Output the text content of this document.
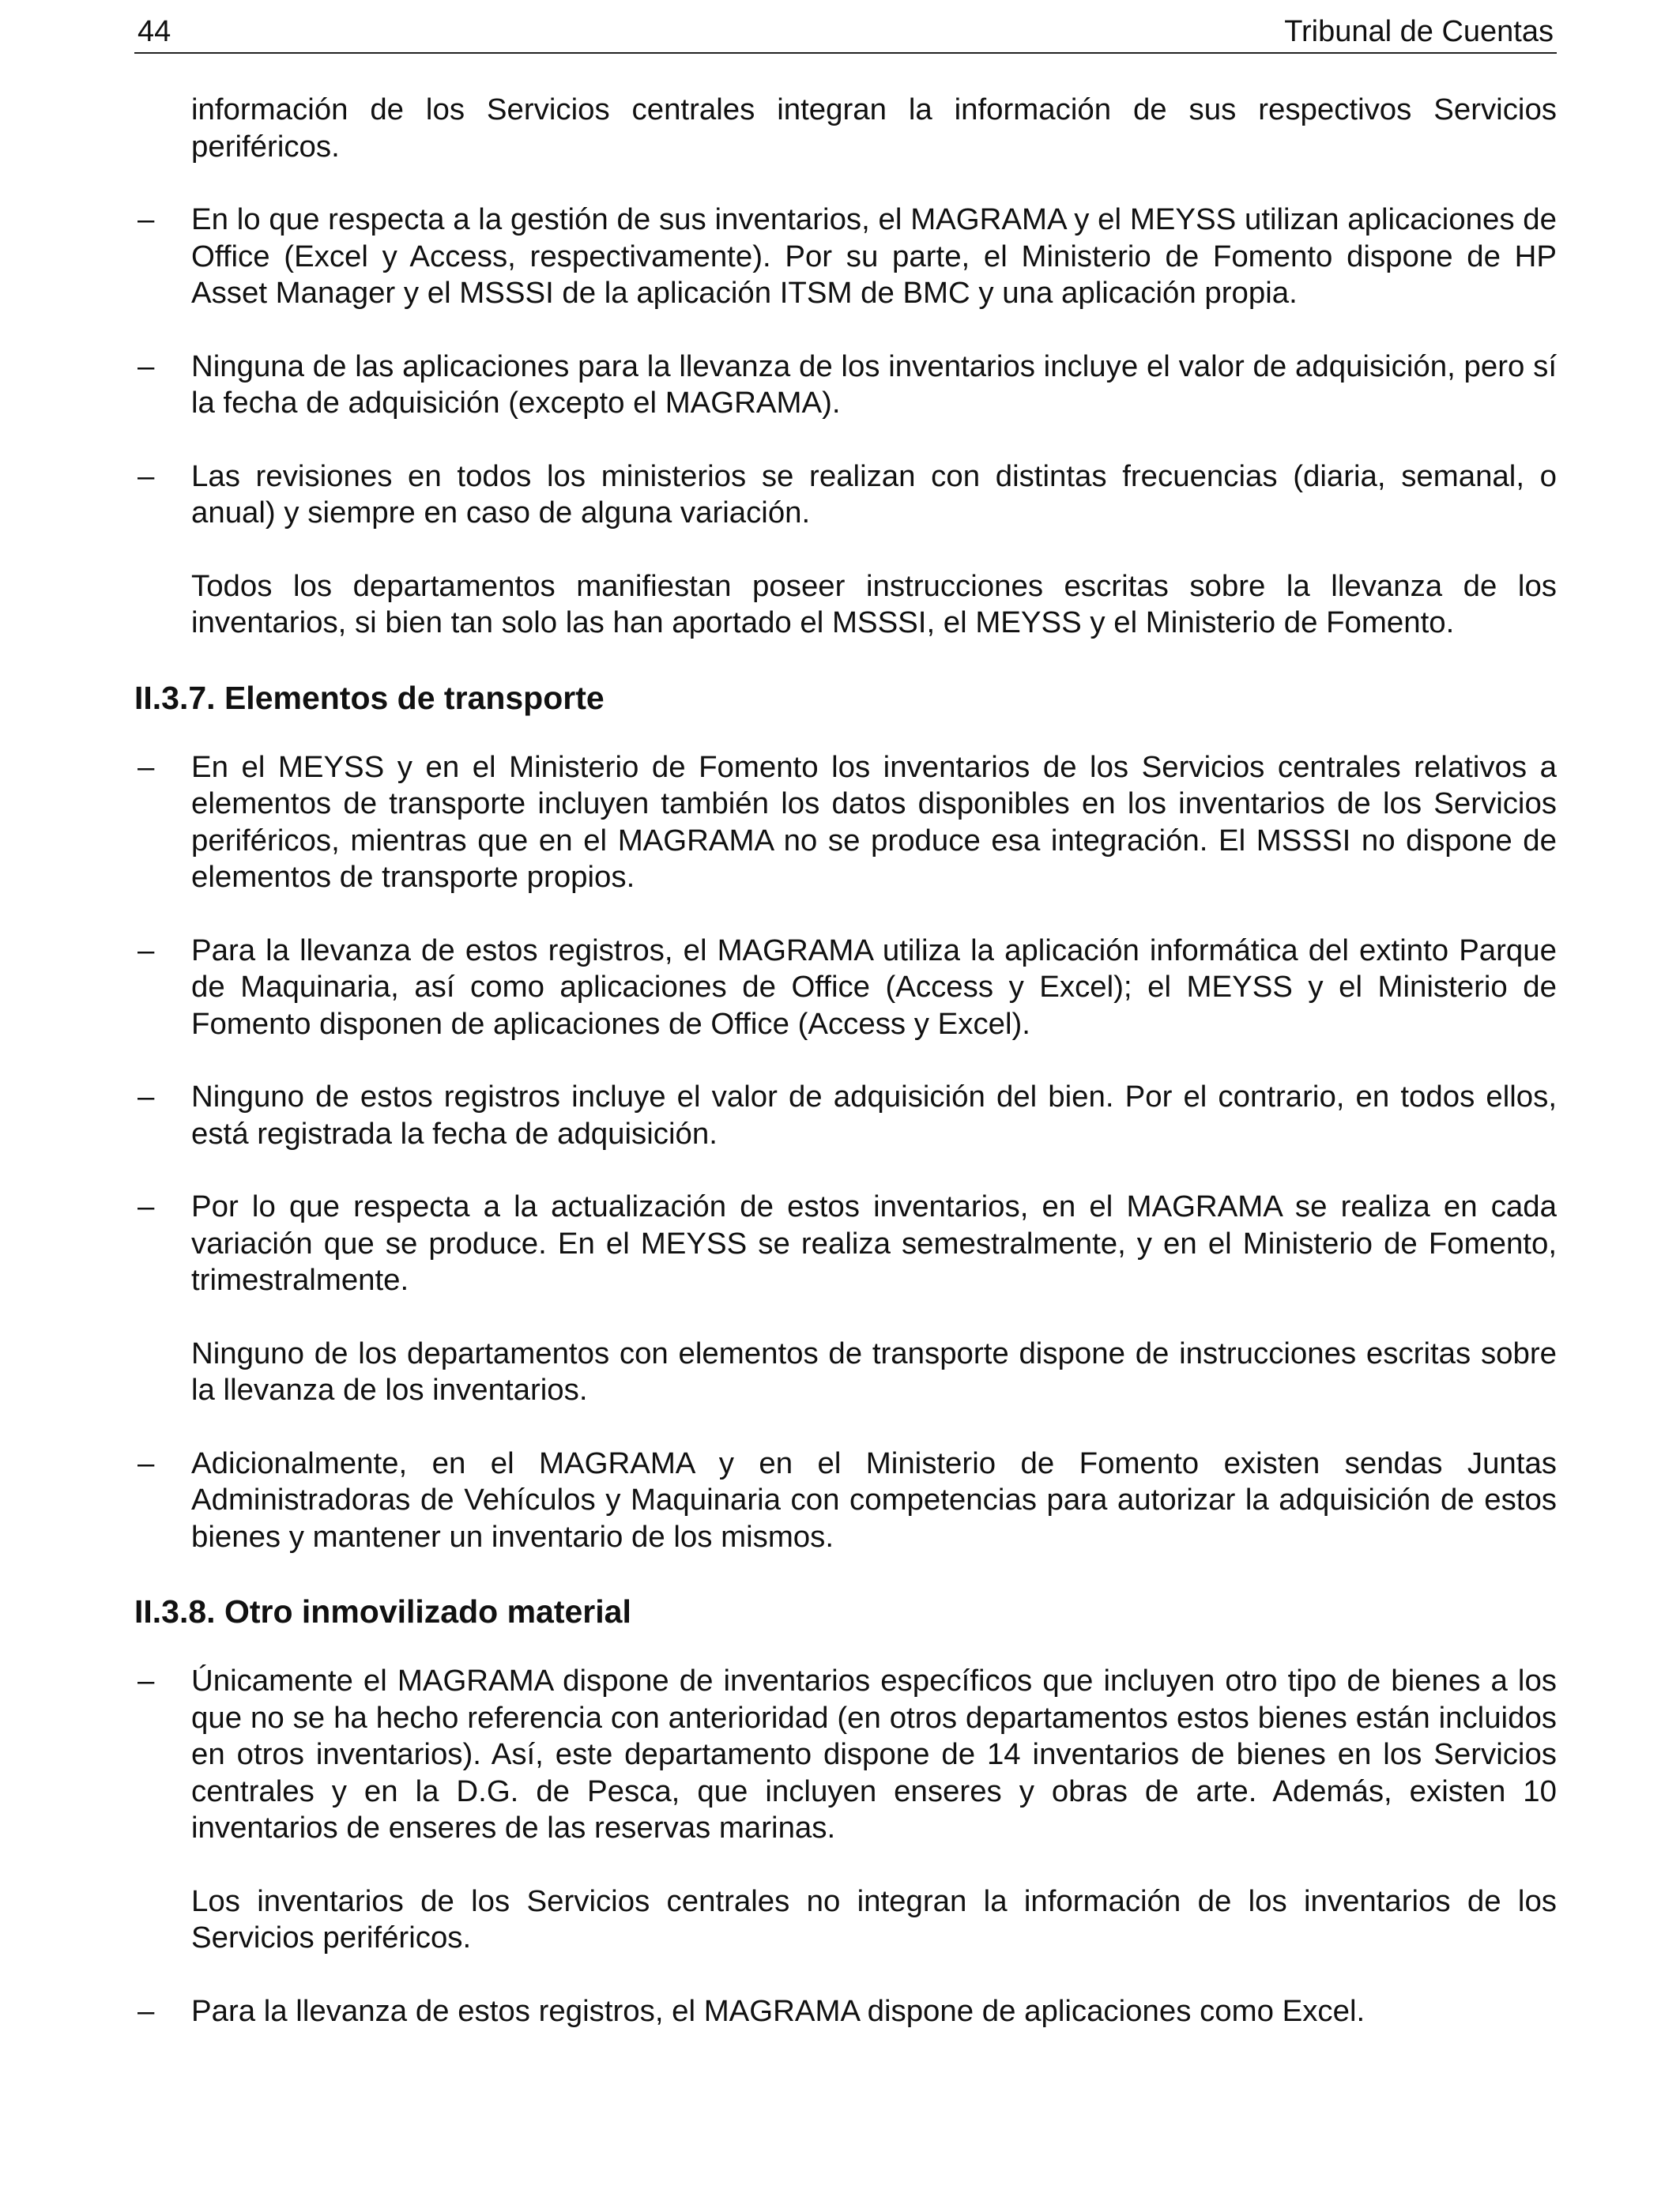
44	Tribunal de Cuentas

información de los Servicios centrales integran la información de sus respectivos Servicios periféricos.

–	En lo que respecta a la gestión de sus inventarios, el MAGRAMA y el MEYSS utilizan aplicaciones de Office (Excel y Access, respectivamente). Por su parte, el Ministerio de Fomento dispone de HP Asset Manager y el MSSSI de la aplicación ITSM de BMC y una aplicación propia.
–	Ninguna de las aplicaciones para la llevanza de los inventarios incluye el valor de adquisición, pero sí la fecha de adquisición (excepto el MAGRAMA).
–	Las revisiones en todos los ministerios se realizan con distintas frecuencias (diaria, semanal, o anual) y siempre en caso de alguna variación.

Todos los departamentos manifiestan poseer instrucciones escritas sobre la llevanza de los inventarios, si bien tan solo las han aportado el MSSSI, el MEYSS y el Ministerio de Fomento.

II.3.7. Elementos de transporte
–	En el MEYSS y en el Ministerio de Fomento los inventarios de los Servicios centrales relativos a elementos de transporte incluyen también los datos disponibles en los inventarios de los Servicios periféricos, mientras que en el MAGRAMA no se produce esa integración. El MSSSI no dispone de elementos de transporte propios.
–	Para la llevanza de estos registros, el MAGRAMA utiliza la aplicación informática del extinto Parque de Maquinaria, así como aplicaciones de Office (Access y Excel); el MEYSS y el Ministerio de Fomento disponen de aplicaciones de Office (Access y Excel).
–	Ninguno de estos registros incluye el valor de adquisición del bien. Por el contrario, en todos ellos, está registrada la fecha de adquisición.
–	Por lo que respecta a la actualización de estos inventarios, en el MAGRAMA se realiza en cada variación que se produce. En el MEYSS se realiza semestralmente, y en el Ministerio de Fomento, trimestralmente.

Ninguno de los departamentos con elementos de transporte dispone de instrucciones escritas sobre la llevanza de los inventarios.

–	Adicionalmente, en el MAGRAMA y en el Ministerio de Fomento existen sendas Juntas Administradoras de Vehículos y Maquinaria con competencias para autorizar la adquisición de estos bienes y mantener un inventario de los mismos.
II.3.8. Otro inmovilizado material
–	Únicamente el MAGRAMA dispone de inventarios específicos que incluyen otro tipo de bienes a los que no se ha hecho referencia con anterioridad (en otros departamentos estos bienes están incluidos en otros inventarios). Así, este departamento dispone de 14 inventarios de bienes en los Servicios centrales y en la D.G. de Pesca, que incluyen enseres y obras de arte. Además, existen 10 inventarios de enseres de las reservas marinas.

Los inventarios de los Servicios centrales no integran la información de los inventarios de los Servicios periféricos.

–	Para la llevanza de estos registros, el MAGRAMA dispone de aplicaciones como Excel.
